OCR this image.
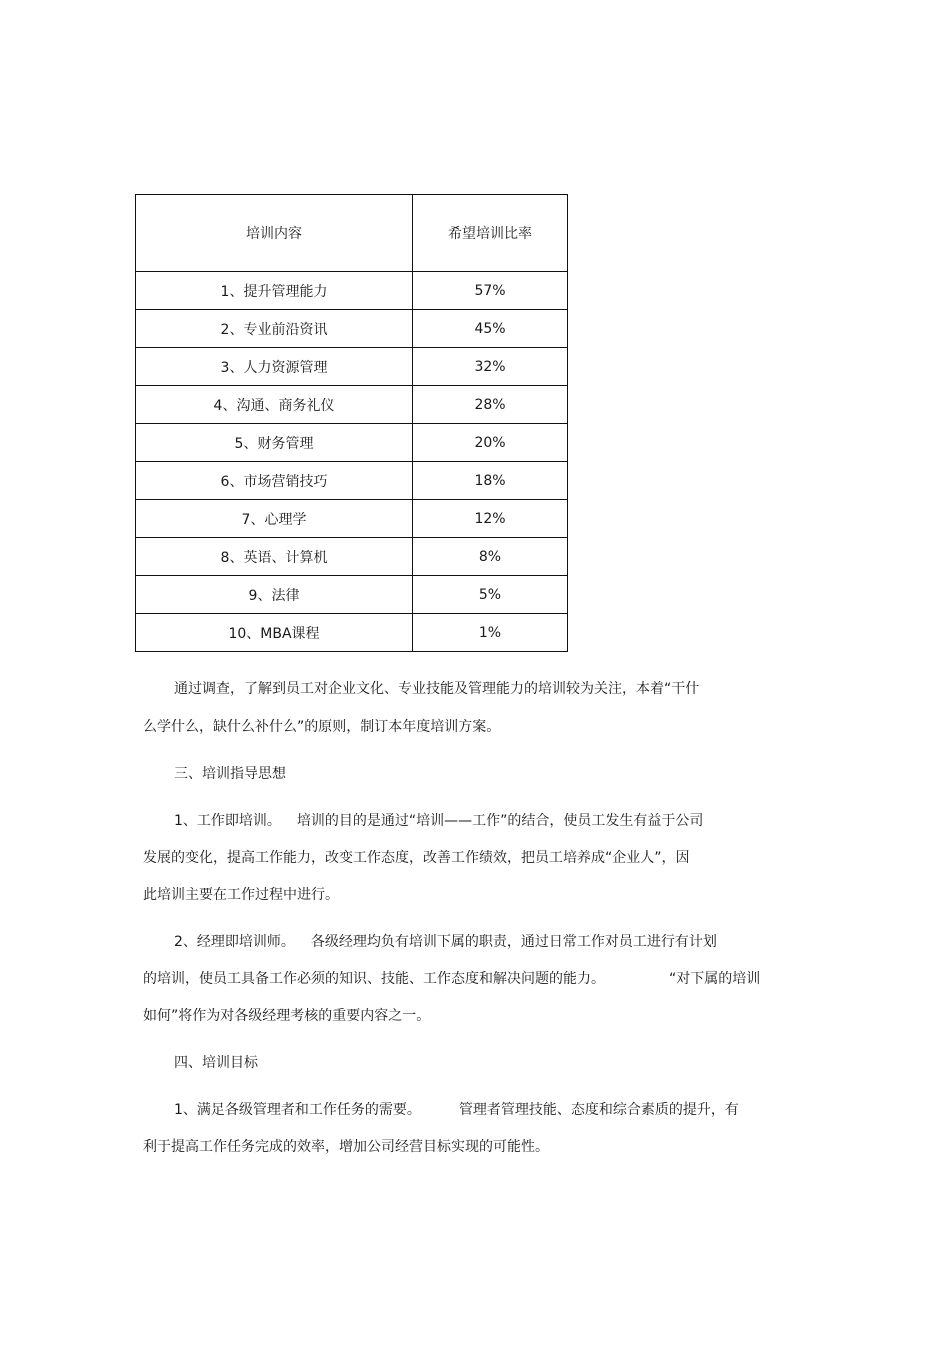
培训内容	希望培训比率
1、提升管理能力	57%
2、专业前沿资讯	45%
3、人力资源管理	32%
4、沟通、商务礼仪	28%
5、财务管理	20%
6、市场营销技巧	18%
7、心理学	12%
8、英语、计算机	8%
9、法律	5%
10、MBA课程	1%

通过调查，了解到员工对企业文化、专业技能及管理能力的培训较为关注，本着“干什

么学什么，缺什么补什么”的原则，制订本年度培训方案。

三、培训指导思想

1、工作即培训。 培训的目的是通过“培训——工作”的结合，使员工发生有益于公司

发展的变化，提高工作能力，改变工作态度，改善工作绩效，把员工培养成“企业人”，因

此培训主要在工作过程中进行。

2、经理即培训师。 各级经理均负有培训下属的职责，通过日常工作对员工进行有计划

的培训，使员工具备工作必须的知识、技能、工作态度和解决问题的能力。	“对下属的培训

如何”将作为对各级经理考核的重要内容之一。

四、培训目标

1、满足各级管理者和工作任务的需要。	管理者管理技能、态度和综合素质的提升，有

利于提高工作任务完成的效率，增加公司经营目标实现的可能性。
